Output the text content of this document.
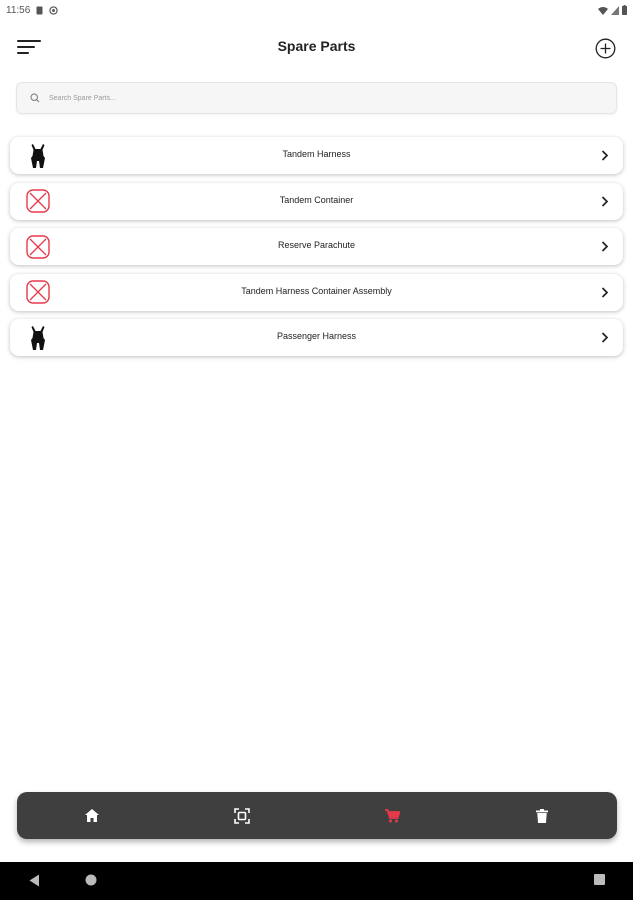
11:56
Spare Parts
Search Spare Parts...
Tandem Harness
Tandem Container
Reserve Parachute
Tandem Harness Container Assembly
Passenger Harness
